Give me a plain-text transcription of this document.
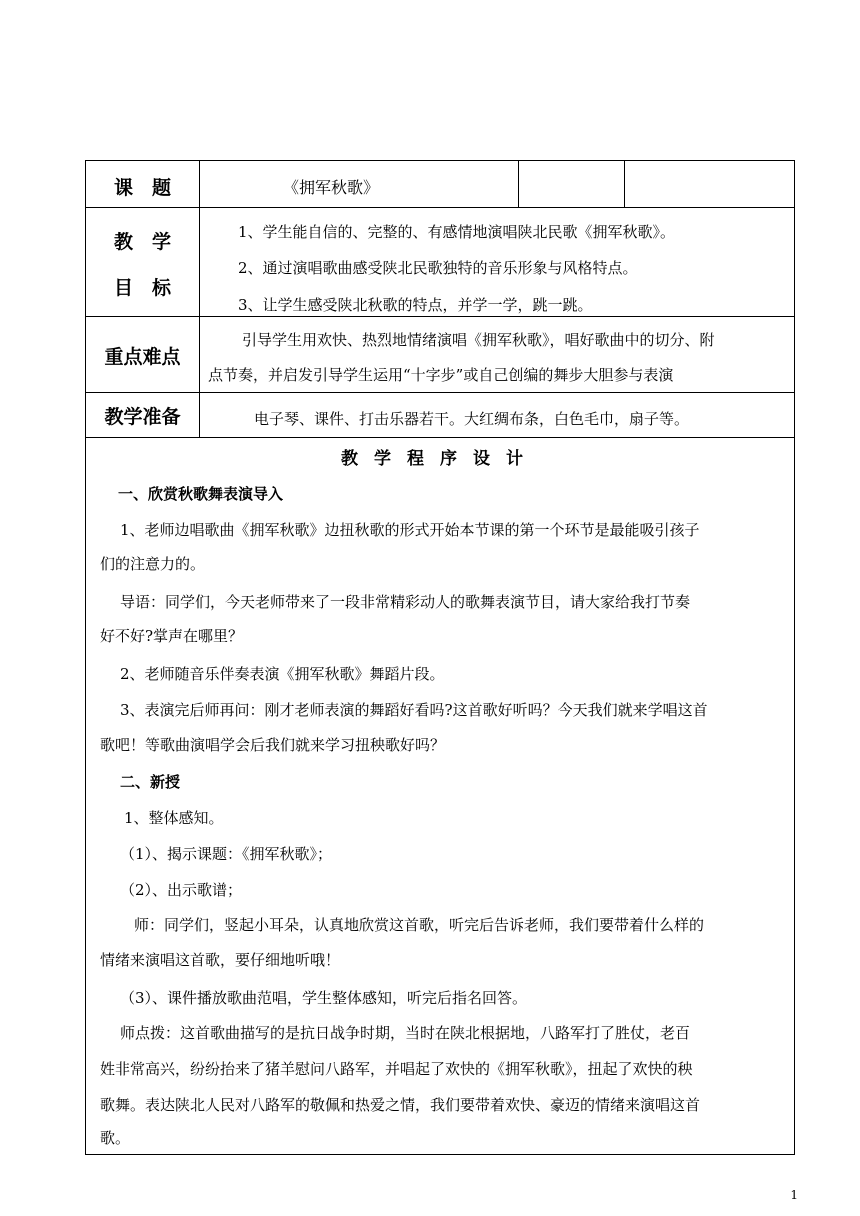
课　题	《拥军秋歌》
教　学
目　标
1、学生能自信的、完整的、有感情地演唱陕北民歌《拥军秋歌》。
2、通过演唱歌曲感受陕北民歌独特的音乐形象与风格特点。
3、让学生感受陕北秋歌的特点，并学一学，跳一跳。
重点难点
引导学生用欢快、热烈地情绪演唱《拥军秋歌》，唱好歌曲中的切分、附
点节奏，并启发引导学生运用“十字步”或自己创编的舞步大胆参与表演
教学准备	电子琴、课件、打击乐器若干。大红绸布条，白色毛巾，扇子等。
教学程序设计
一、欣赏秋歌舞表演导入
1、老师边唱歌曲《拥军秋歌》边扭秋歌的形式开始本节课的第一个环节是最能吸引孩子
们的注意力的。
导语：同学们，今天老师带来了一段非常精彩动人的歌舞表演节目，请大家给我打节奏
好不好?掌声在哪里？
2、老师随音乐伴奏表演《拥军秋歌》舞蹈片段。
3、表演完后师再问：刚才老师表演的舞蹈好看吗?这首歌好听吗？今天我们就来学唱这首
歌吧！等歌曲演唱学会后我们就来学习扭秧歌好吗？
二、新授
1、整体感知。
（1）、揭示课题：《拥军秋歌》；
（2）、出示歌谱；
师：同学们，竖起小耳朵，认真地欣赏这首歌，听完后告诉老师，我们要带着什么样的
情绪来演唱这首歌，要仔细地听哦！
（3）、课件播放歌曲范唱，学生整体感知，听完后指名回答。
师点拨：这首歌曲描写的是抗日战争时期，当时在陕北根据地，八路军打了胜仗，老百
姓非常高兴，纷纷抬来了猪羊慰问八路军，并唱起了欢快的《拥军秋歌》，扭起了欢快的秧
歌舞。表达陕北人民对八路军的敬佩和热爱之情，我们要带着欢快、豪迈的情绪来演唱这首
歌。
1
